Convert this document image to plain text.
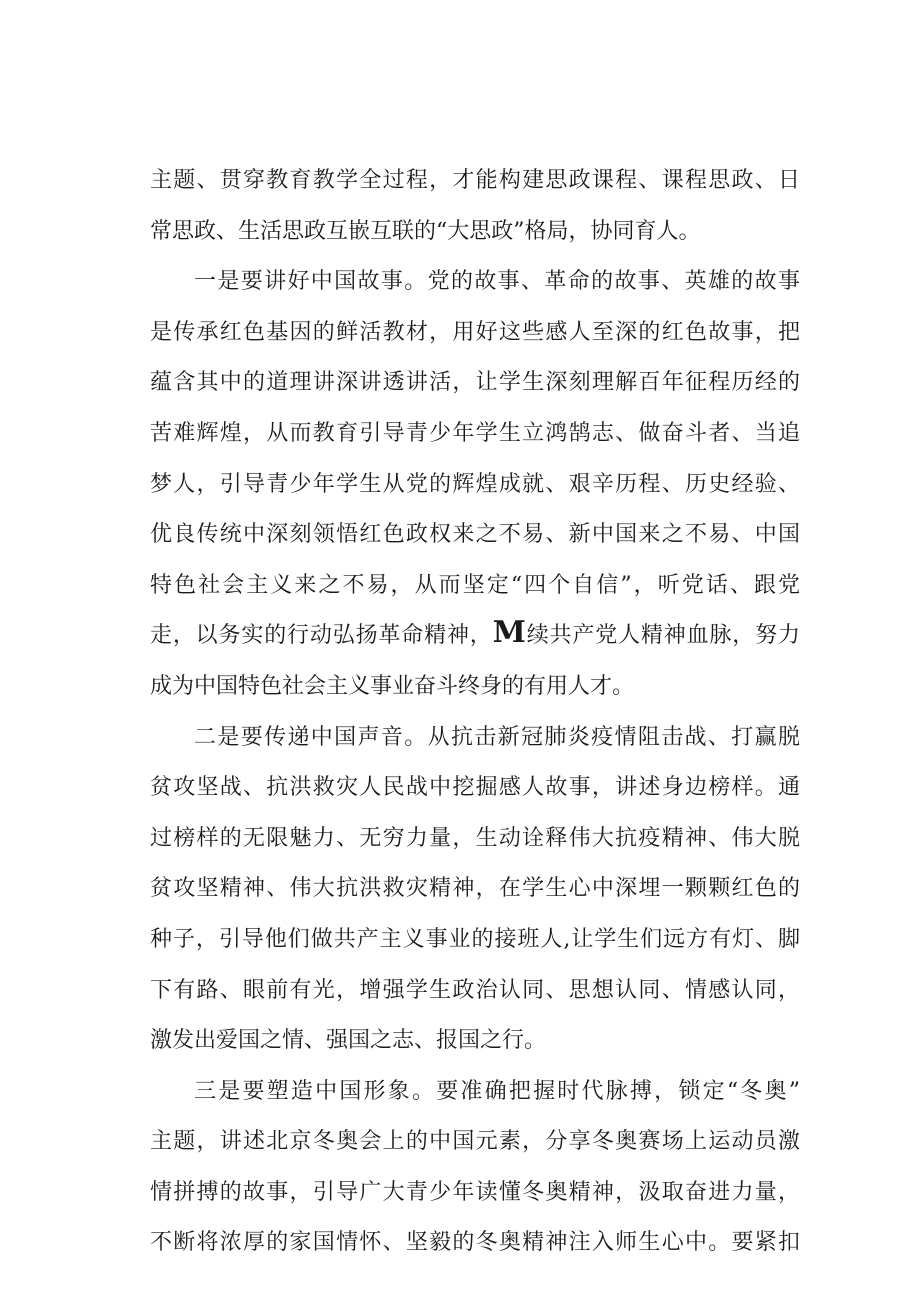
主题、贯穿教育教学全过程，才能构建思政课程、课程思政、日
常思政、生活思政互嵌互联的“大思政”格局，协同育人。

一是要讲好中国故事。党的故事、革命的故事、英雄的故事
是传承红色基因的鲜活教材，用好这些感人至深的红色故事，把
蕴含其中的道理讲深讲透讲活，让学生深刻理解百年征程历经的
苦难辉煌，从而教育引导青少年学生立鸿鹄志、做奋斗者、当追
梦人，引导青少年学生从党的辉煌成就、艰辛历程、历史经验、
优良传统中深刻领悟红色政权来之不易、新中国来之不易、中国
特色社会主义来之不易，从而坚定“四个自信”，听党话、跟党
走，以务实的行动弘扬革命精神，M续共产党人精神血脉，努力
成为中国特色社会主义事业奋斗终身的有用人才。

二是要传递中国声音。从抗击新冠肺炎疫情阻击战、打赢脱
贫攻坚战、抗洪救灾人民战中挖掘感人故事，讲述身边榜样。通
过榜样的无限魅力、无穷力量，生动诠释伟大抗疫精神、伟大脱
贫攻坚精神、伟大抗洪救灾精神，在学生心中深埋一颗颗红色的
种子，引导他们做共产主义事业的接班人,让学生们远方有灯、脚
下有路、眼前有光，增强学生政治认同、思想认同、情感认同，
激发出爱国之情、强国之志、报国之行。

三是要塑造中国形象。要准确把握时代脉搏，锁定“冬奥”
主题，讲述北京冬奥会上的中国元素，分享冬奥赛场上运动员激
情拼搏的故事，引导广大青少年读懂冬奥精神，汲取奋进力量，
不断将浓厚的家国情怀、坚毅的冬奥精神注入师生心中。要紧扣
